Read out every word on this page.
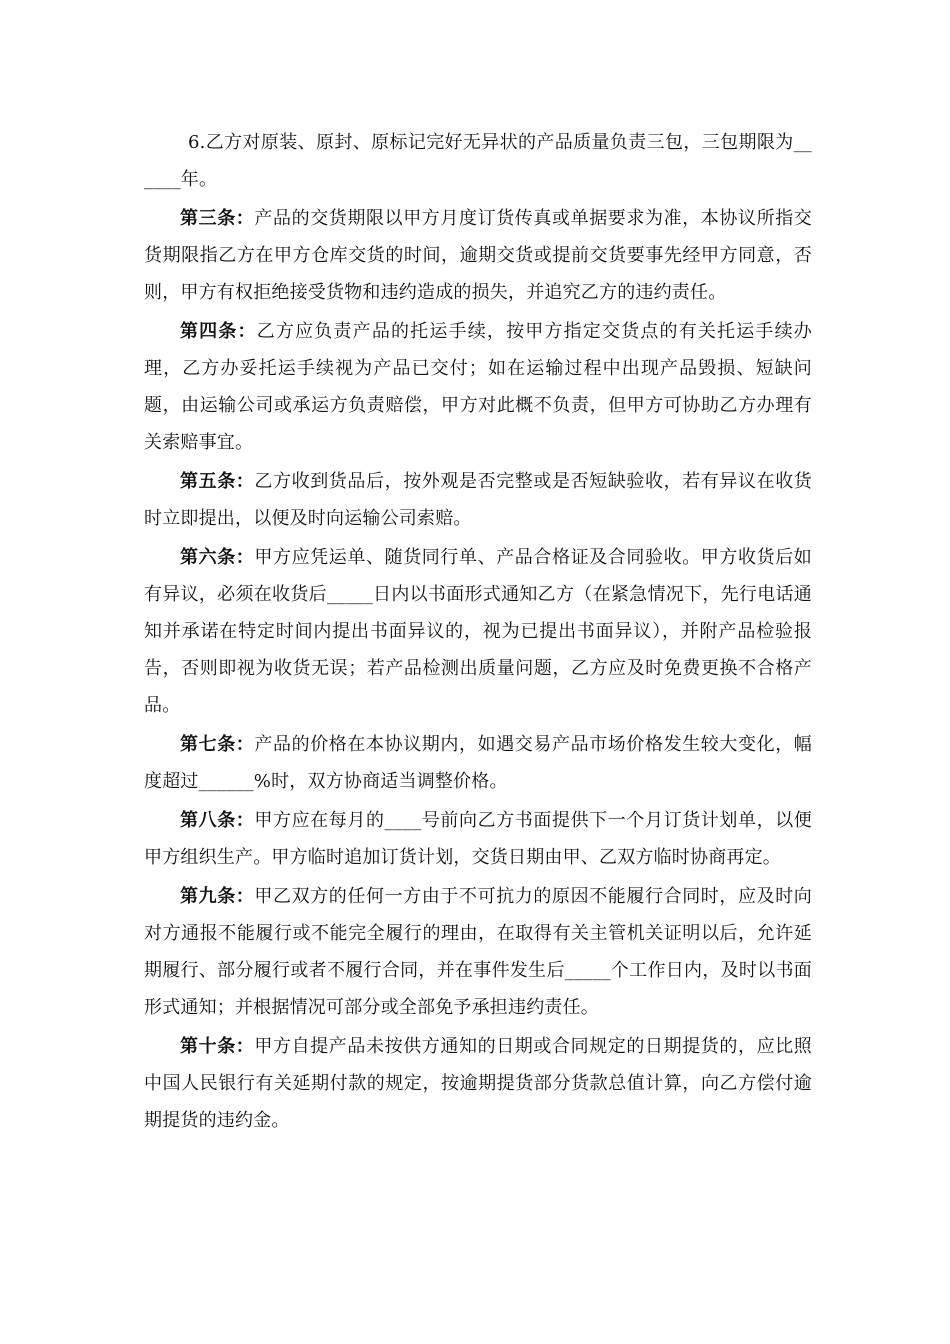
6.乙方对原装、原封、原标记完好无异状的产品质量负责三包，三包期限为______年。

第三条：产品的交货期限以甲方月度订货传真或单据要求为准，本协议所指交货期限指乙方在甲方仓库交货的时间，逾期交货或提前交货要事先经甲方同意，否则，甲方有权拒绝接受货物和违约造成的损失，并追究乙方的违约责任。

第四条：乙方应负责产品的托运手续，按甲方指定交货点的有关托运手续办理，乙方办妥托运手续视为产品已交付；如在运输过程中出现产品毁损、短缺问题，由运输公司或承运方负责赔偿，甲方对此概不负责，但甲方可协助乙方办理有关索赔事宜。

第五条：乙方收到货品后，按外观是否完整或是否短缺验收，若有异议在收货时立即提出，以便及时向运输公司索赔。

第六条：甲方应凭运单、随货同行单、产品合格证及合同验收。甲方收货后如有异议，必须在收货后_____日内以书面形式通知乙方（在紧急情况下，先行电话通知并承诺在特定时间内提出书面异议的，视为已提出书面异议），并附产品检验报告，否则即视为收货无误；若产品检测出质量问题，乙方应及时免费更换不合格产品。

第七条：产品的价格在本协议期内，如遇交易产品市场价格发生较大变化，幅度超过______%时，双方协商适当调整价格。

第八条：甲方应在每月的____号前向乙方书面提供下一个月订货计划单，以便甲方组织生产。甲方临时追加订货计划，交货日期由甲、乙双方临时协商再定。

第九条：甲乙双方的任何一方由于不可抗力的原因不能履行合同时，应及时向对方通报不能履行或不能完全履行的理由，在取得有关主管机关证明以后，允许延期履行、部分履行或者不履行合同，并在事件发生后_____个工作日内，及时以书面形式通知；并根据情况可部分或全部免予承担违约责任。

第十条：甲方自提产品未按供方通知的日期或合同规定的日期提货的，应比照中国人民银行有关延期付款的规定，按逾期提货部分货款总值计算，向乙方偿付逾期提货的违约金。
